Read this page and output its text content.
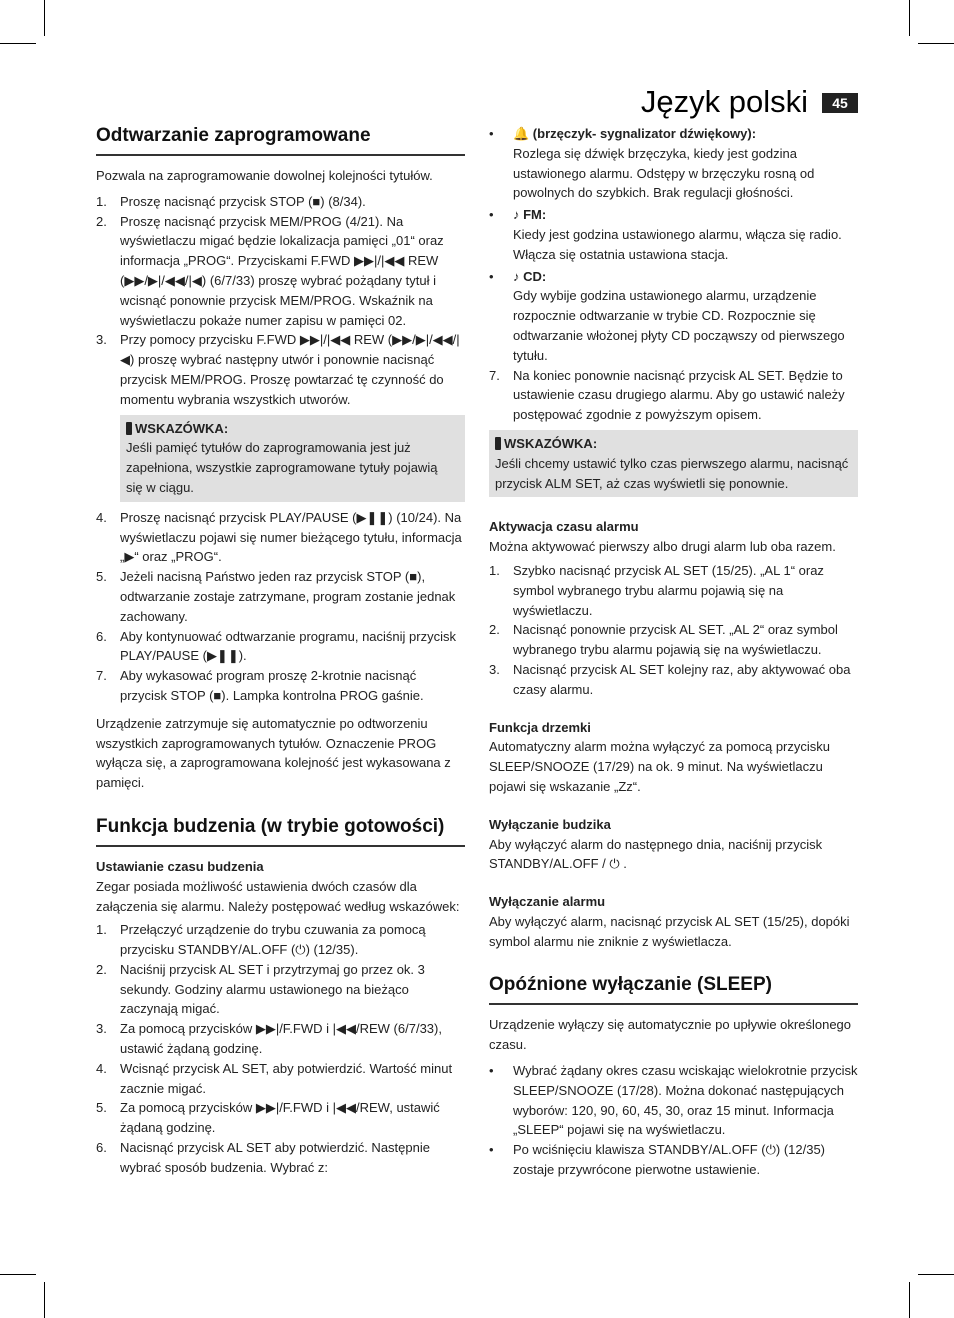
Język polski	45
Odtwarzanie zaprogramowane

Pozwala na zaprogramowanie dowolnej kolejności tytułów.

1. Proszę nacisnąć przycisk STOP (■) (8/34).
2. Proszę nacisnąć przycisk MEM/PROG (4/21). Na wyświetlaczu migać będzie lokalizacja pamięci „01“ oraz informacja „PROG“. Przyciskami F.FWD ▶▶|/|◀◀ REW (▶▶/▶|/◀◀/|◀) (6/7/33) proszę wybrać pożądany tytuł i wcisnąć ponownie przycisk MEM/PROG. Wskaźnik na wyświetlaczu pokaże numer zapisu w pamięci 02.
3. Przy pomocy przycisku F.FWD ▶▶|/|◀◀ REW (▶▶/▶|/◀◀/|◀) proszę wybrać następny utwór i ponownie nacisnąć przycisk MEM/PROG. Proszę powtarzać tę czynność do momentu wybrania wszystkich utworów.
WSKAZÓWKA:
Jeśli pamięć tytułów do zaprogramowania jest już zapełniona, wszystkie zaprogramowane tytuły pojawią się w ciągu.
4. Proszę nacisnąć przycisk PLAY/PAUSE (▶❚❚) (10/24). Na wyświetlaczu pojawi się numer bieżącego tytułu, informacja „▶“ oraz „PROG“.
5. Jeżeli nacisną Państwo jeden raz przycisk STOP (■), odtwarzanie zostaje zatrzymane, program zostanie jednak zachowany.
6. Aby kontynuować odtwarzanie programu, naciśnij przycisk PLAY/PAUSE (▶❚❚).
7. Aby wykasować program proszę 2-krotnie nacisnąć przycisk STOP (■). Lampka kontrolna PROG gaśnie.

Urządzenie zatrzymuje się automatycznie po odtworzeniu wszystkich zaprogramowanych tytułów. Oznaczenie PROG wyłącza się, a zaprogramowana kolejność jest wykasowana z pamięci.

Funkcja budzenia (w trybie gotowości)

Ustawianie czasu budzenia

Zegar posiada możliwość ustawienia dwóch czasów dla załączenia się alarmu. Należy postępować według wskazówek:

1. Przełączyć urządzenie do trybu czuwania za pomocą przycisku STANDBY/AL.OFF (⏻) (12/35).
2. Naciśnij przycisk AL SET i przytrzymaj go przez ok. 3 sekundy. Godziny alarmu ustawionego na bieżąco zaczynają migać.
3. Za pomocą przycisków ▶▶|/F.FWD i |◀◀/REW (6/7/33), ustawić żądaną godzinę.
4. Wcisnąć przycisk AL SET, aby potwierdzić. Wartość minut zacznie migać.
5. Za pomocą przycisków ▶▶|/F.FWD i |◀◀/REW, ustawić żądaną godzinę.
6. Nacisnąć przycisk AL SET aby potwierdzić. Następnie wybrać sposób budzenia. Wybrać z:
• 🔔 (brzęczyk- sygnalizator dźwiękowy):
Rozlega się dźwięk brzęczyka, kiedy jest godzina ustawionego alarmu. Odstępy w brzęczyku rosną od powolnych do szybkich. Brak regulacji głośności.
• ♪ FM:
Kiedy jest godzina ustawionego alarmu, włącza się radio. Włącza się ostatnia ustawiona stacja.
• ♪ CD:
Gdy wybije godzina ustawionego alarmu, urządzenie rozpocznie odtwarzanie w trybie CD. Rozpocznie się odtwarzanie włożonej płyty CD począwszy od pierwszego tytułu.
7. Na koniec ponownie nacisnąć przycisk AL SET. Będzie to ustawienie czasu drugiego alarmu. Aby go ustawić należy postępować zgodnie z powyższym opisem.
WSKAZÓWKA:
Jeśli chcemy ustawić tylko czas pierwszego alarmu, nacisnąć przycisk ALM SET, aż czas wyświetli się ponownie.

Aktywacja czasu alarmu

Można aktywować pierwszy albo drugi alarm lub oba razem.

1. Szybko nacisnąć przycisk AL SET (15/25). „AL 1“ oraz symbol wybranego trybu alarmu pojawią się na wyświetlaczu.
2. Nacisnąć ponownie przycisk AL SET. „AL 2“ oraz symbol wybranego trybu alarmu pojawią się na wyświetlaczu.
3. Nacisnąć przycisk AL SET kolejny raz, aby aktywować oba czasy alarmu.

Funkcja drzemki

Automatyczny alarm można wyłączyć za pomocą przycisku SLEEP/SNOOZE (17/29) na ok. 9 minut. Na wyświetlaczu pojawi się wskazanie „Zz“.

Wyłączanie budzika

Aby wyłączyć alarm do następnego dnia, naciśnij przycisk STANDBY/AL.OFF / ⏻ .

Wyłączanie alarmu

Aby wyłączyć alarm, nacisnąć przycisk AL SET (15/25), dopóki symbol alarmu nie zniknie z wyświetlacza.

Opóźnione wyłączanie (SLEEP)

Urządzenie wyłączy się automatycznie po upływie określonego czasu.

• Wybrać żądany okres czasu wciskając wielokrotnie przycisk SLEEP/SNOOZE (17/28). Można dokonać następujących wyborów: 120, 90, 60, 45, 30, oraz 15 minut. Informacja „SLEEP“ pojawi się na wyświetlaczu.
• Po wciśnięciu klawisza STANDBY/AL.OFF (⏻) (12/35) zostaje przywrócone pierwotne ustawienie.
